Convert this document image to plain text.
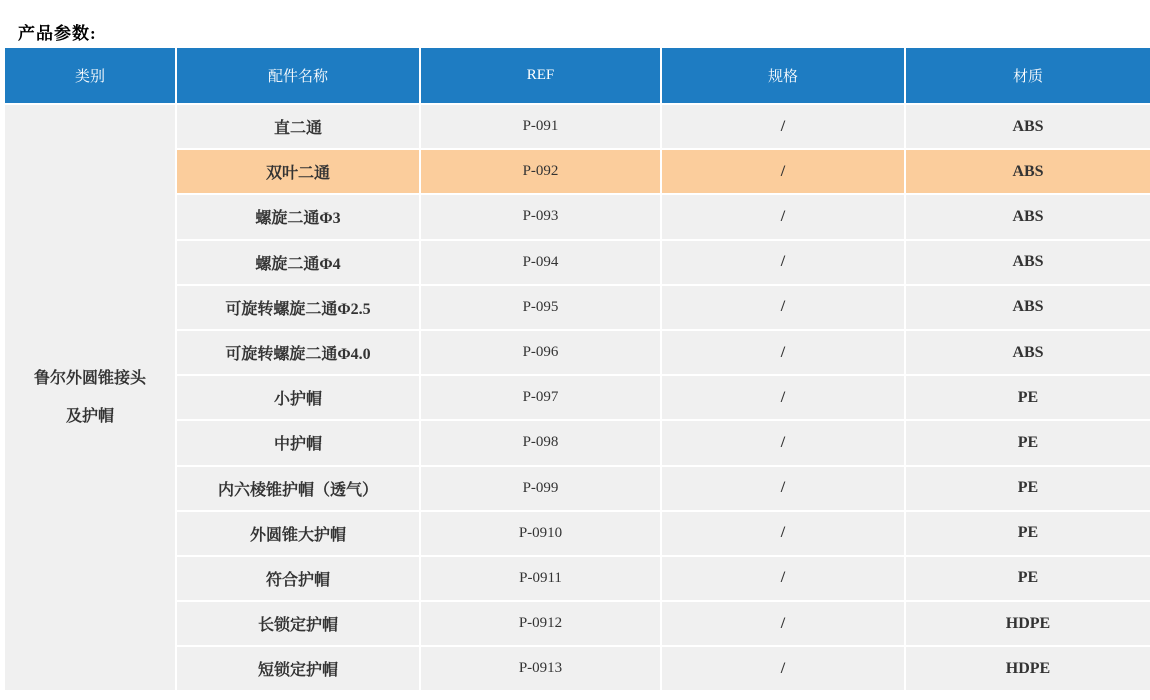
产品参数:
类别	配件名称	REF	规格	材质
鲁尔外圆锥接头
及护帽
直二通	P-091	/	ABS
双叶二通	P-092	/	ABS
螺旋二通Φ3	P-093	/	ABS
螺旋二通Φ4	P-094	/	ABS
可旋转螺旋二通Φ2.5	P-095	/	ABS
可旋转螺旋二通Φ4.0	P-096	/	ABS
小护帽	P-097	/	PE
中护帽	P-098	/	PE
内六棱锥护帽（透气）	P-099	/	PE
外圆锥大护帽	P-0910	/	PE
符合护帽	P-0911	/	PE
长锁定护帽	P-0912	/	HDPE
短锁定护帽	P-0913	/	HDPE
